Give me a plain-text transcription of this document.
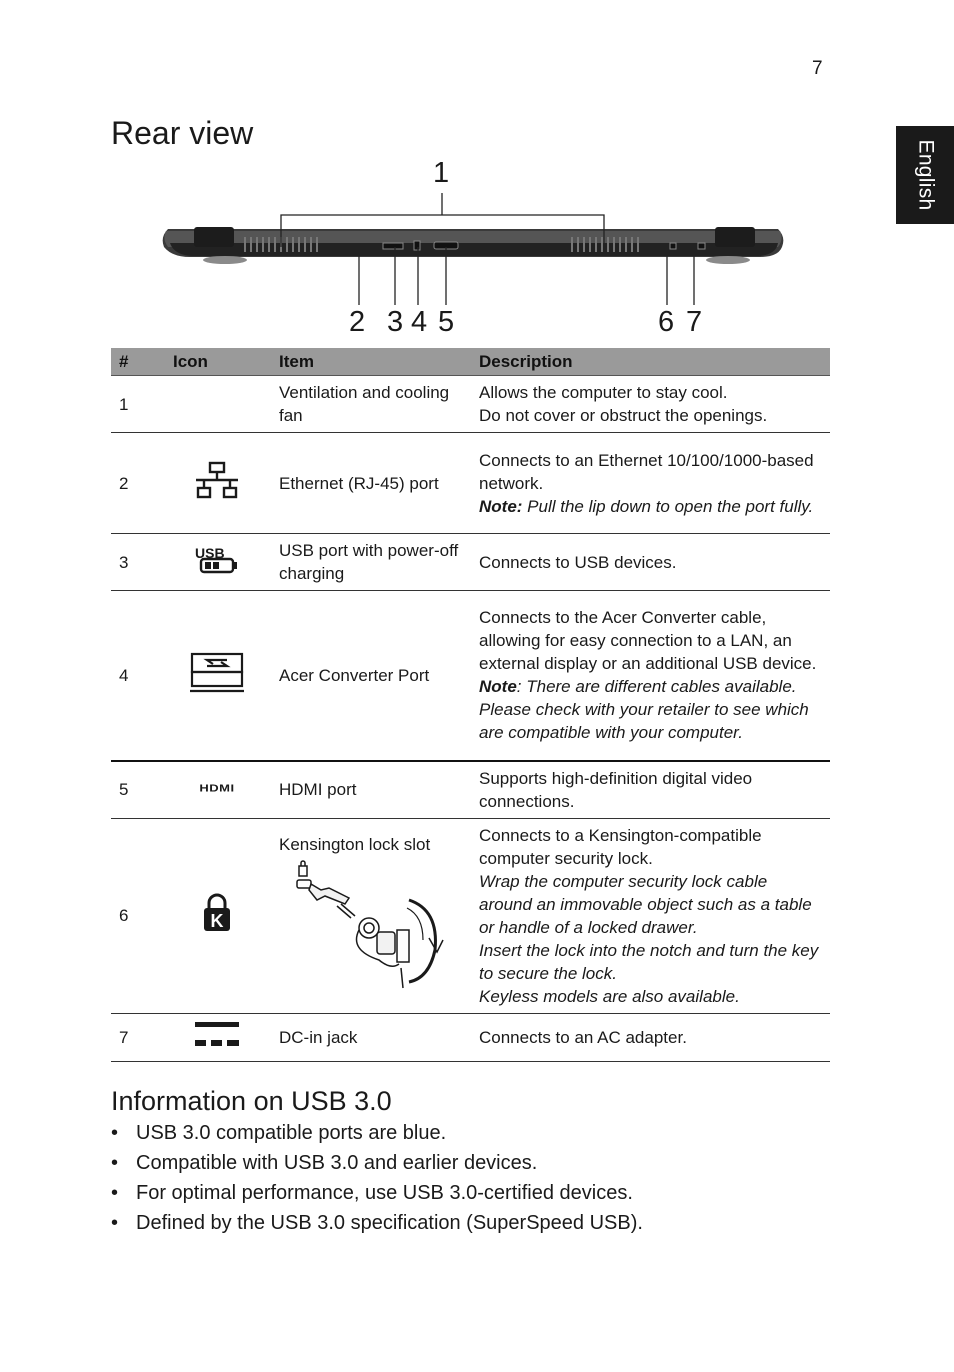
7
English
Rear view
1
2 3 4 5	6 7
#	Icon	Item	Description
1		Ventilation and cooling fan	Allows the computer to stay cool.
Do not cover or obstruct the openings.

2		Ethernet (RJ-45) port	Connects to an Ethernet 10/100/1000-based network.
Note: Pull the lip down to open the port fully.

3	USB	USB port with power-off charging	Connects to USB devices.
4		Acer Converter Port	Connects to the Acer Converter cable, allowing for easy connection to a LAN, an external display or an additional USB device.
Note: There are different cables available. Please check with your retailer to see which are compatible with your computer.

5	HDMI	HDMI port	Supports high-definition digital video connections.
6	K	Kensington lock slot	Connects to a Kensington-compatible computer security lock.
Wrap the computer security lock cable around an immovable object such as a table or handle of a locked drawer.
Insert the lock into the notch and turn the key to secure the lock.
Keyless models are also available.

7		DC-in jack	Connects to an AC adapter.
Information on USB 3.0
• USB 3.0 compatible ports are blue.
• Compatible with USB 3.0 and earlier devices.
• For optimal performance, use USB 3.0-certified devices.
• Defined by the USB 3.0 specification (SuperSpeed USB).
